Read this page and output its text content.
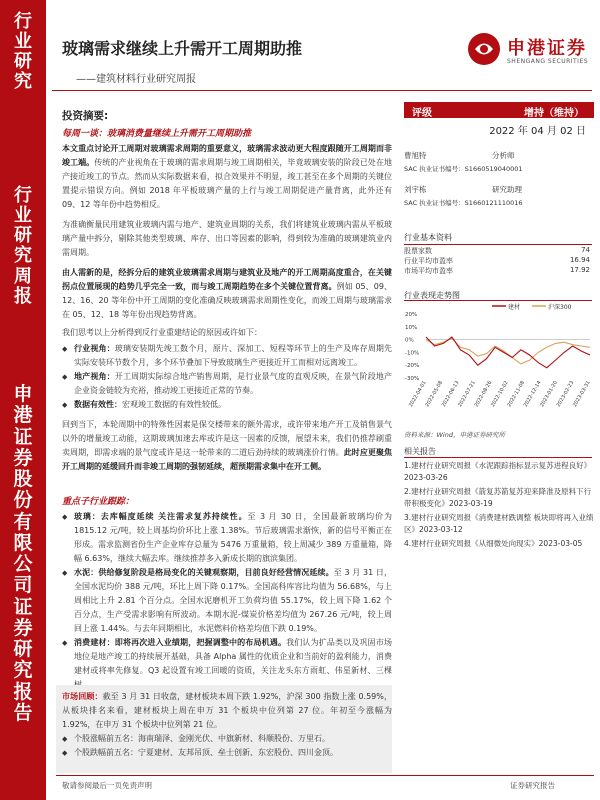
行
业
研
究
行
业
研
究
周
报
申
港
证
券
股
份
有
限
公
司
证
券
研
究
报
告
玻璃需求继续上升需开工周期助推
——建筑材料行业研究周报
申港证券
SHENGANG SECURITIES
投资摘要:
每周一谈：玻璃消费量继续上升需开工周期助推
本文重点讨论开工周期对玻璃需求周期的重要意义，玻璃需求波动更大程度跟随开工周期而非竣工端。传统的产业视角在于玻璃的需求周期与竣工周期相关，毕竟玻璃安装的阶段已处在地产接近竣工的节点。然而从实际数据来看，拟合效果并不明显，竣工甚至在多个周期的关键位置提示错误方向。例如 2018 年平板玻璃产量的上行与竣工周期促进产量背离，此外还有 09、12 等年份中趋势相反。
为准确衡量民用建筑业玻璃内需与地产、建筑业周期的关系，我们将建筑业玻璃内需从平板玻璃产量中拆分，剔除其他类型玻璃、库存、出口等因素的影响，得到较为准确的玻璃建筑业内需周期。
由人需新的是，经拆分后的建筑业玻璃需求周期与建筑业及地产的开工周期高度重合，在关键拐点位置展现的趋势几乎完全一致，而与竣工周期趋势在多个关键位置背离。例如 05、09、12、16、20 等年份中开工周期的变化准确反映玻璃需求周期性变化，而竣工周期与玻璃需求在 05、12、18 等年份出现趋势背离。
我们思考以上分析得到反行业重建结论的原因或许如下：
◆ 行业视角：玻璃安装期先竣工数个月，原片、深加工、短程等环节上的生产及库存周期先实际安装环节数个月，多个环节叠加下导致玻璃生产更接近开工而相对远离竣工。
◆ 地产视角：开工周期实际综合地产销售周期，是行业景气度的直观反映，在景气阶段地产企业资金链较为充裕，推动竣工更接近正常的节奏。
◆ 数据有效性：宏观竣工数据的有效性较低。
回到当下，本轮周期中的特殊性因素是保交楼带来的额外需求，或许带来地产开工及销售景气以外的增量竣工动能，这期玻璃加速去库或许是这一因素的反馈，展望未来，我们仍推荐刷重卖周期，即需求端的景气度或许是这一轮带来的二道后劲持续的玻璃涨价行情。此时应更聚焦开工周期的延缓回升而非竣工周期的强韧延续，超预期需求集中在开工侧。
重点子行业跟踪：
◆ 玻璃：去库幅度延续 关注需求复苏持续性。至 3 月 30 日，全国最新玻璃均价为 1815.12 元/吨，较上周基均价环比上涨 1.38%。节后玻璃需求渐恢，新的信号平衡正在形成。需求监测省份生产企业库存总量为 5476 万重量箱，较上周减少 389 万重量箱，降幅 6.63%，继续大幅去库。继续推荐多入新成长期的旗滨集团。
◆ 水泥：供给修复阶段是格局变化的关键观察期，目前良好经营情况延续。至 3 月 31 日，全国水泥均价 388 元/吨，环比上周下降 0.17%。全国高科库容比均值为 56.68%，与上周相比上升 2.81 个百分点。全国水泥磨机开工负荷均值 55.17%，较上周下降 1.62 个百分点，生产受需求影响有所波动。本期水泥-煤炭价格差均值为 267.26 元/吨，较上周回上涨 1.44%。与去年同期相比，水泥燃料价格差均值下跌 0.19%。
◆ 消费建材：即将再次进入业绩期，把握调整中的布局机遇。我们认为扩品类以及巩固市场地位是地产竣工的持续展开基础，具备 Alpha 属性的优质企业和当前好的盈利能力，消费建材或将率先修复。Q3 起设置有竣工回暖的资质，关注龙头东方雨虹、伟星新材、三棵
市场回顾：截至 3 月 31 日收盘，建材板块本周下跌 1.92%，沪深 300 指数上涨 0.59%，从板块排名来看，建材板块上周在申万 31 个板块中位列第 27 位。年初至今涨幅为 1.92%，在申万 31 个板块中位列第 21 位。
◆ 个股涨幅前五名：海南瑞泽、金刚光伏、中旗新材、科顺股份、万里石。
◆ 个股跌幅前五名：宁夏建材、友邦吊顶、垒士创新、东宏股份、四川金顶。
评级	增持（维持）
2022 年 04 月 02 日
曹旭特	分析师
SAC 执业证书编号：S1660519040001
刘宇栋	研究助理
SAC 执业证书编号：S1660121110016
行业基本资料
股票家数	74
行业平均市盈率	16.94
市场平均市盈率	17.92
行业表现走势图
建材	沪深300
20%
10%
0%
-10%
-20%
-30%
2022-04-01
2022-05-08
2022-06-13
2022-07-21
2022-08-26
2022-10-02
2022-11-08
2022-12-14
2023-01-20
2023-02-23
2023-03-31
资料来源：Wind，申港证券研究所
相关报告
1.建材行业研究周报《水泥跟踪指标显示复苏进程良好》2023-03-26
2.建材行业研究周报《箭复苏箭复苏迎来降准及原料下行带积极变化》2023-03-19
3.建材行业研究周报《消费建材跌调整 板块即将再入业绩区》2023-03-12
4.建材行业研究周报《从细微处向现实》2023-03-05
敬请参阅最后一页免责声明	证券研究报告
